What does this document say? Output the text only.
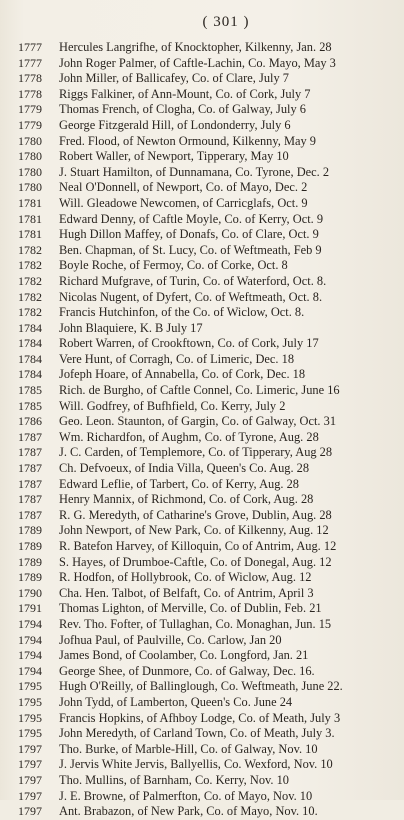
( 301 )
1777	Hercules Langrifhe, of Knocktopher, Kilkenny, Jan. 28
1777	John Roger Palmer, of Caftle-Lachin, Co. Mayo, May 3
1778	John Miller, of Ballicafey, Co. of Clare, July 7
1778	Riggs Falkiner, of Ann-Mount, Co. of Cork, July 7
1779	Thomas French, of Clogha, Co. of Galway, July 6
1779	George Fitzgerald Hill, of Londonderry, July 6
1780	Fred. Flood, of Newton Ormound, Kilkenny, May 9
1780	Robert Waller, of Newport, Tipperary, May 10
1780	J. Stuart Hamilton, of Dunnamana, Co. Tyrone, Dec. 2
1780	Neal O'Donnell, of Newport, Co. of Mayo, Dec. 2
1781	Will. Gleadowe Newcomen, of Carricglafs, Oct. 9
1781	Edward Denny, of Caftle Moyle, Co. of Kerry, Oct. 9
1781	Hugh Dillon Maffey, of Donafs, Co. of Clare, Oct. 9
1782	Ben. Chapman, of St. Lucy, Co. of Weftmeath, Feb 9
1782	Boyle Roche, of Fermoy, Co. of Corke, Oct. 8
1782	Richard Mufgrave, of Turin, Co. of Waterford, Oct. 8.
1782	Nicolas Nugent, of Dyfert, Co. of Weftmeath, Oct. 8.
1782	Francis Hutchinfon, of the Co. of Wiclow, Oct. 8.
1784	John Blaquiere, K. B July 17
1784	Robert Warren, of Crookftown, Co. of Cork, July 17
1784	Vere Hunt, of Corragh, Co. of Limeric, Dec. 18
1784	Jofeph Hoare, of Annabella, Co. of Cork, Dec. 18
1785	Rich. de Burgho, of Caftle Connel, Co. Limeric, June 16
1785	Will. Godfrey, of Bufhfield, Co. Kerry, July 2
1786	Geo. Leon. Staunton, of Gargin, Co. of Galway, Oct. 31
1787	Wm. Richardfon, of Aughm, Co. of Tyrone, Aug. 28
1787	J. C. Carden, of Templemore, Co. of Tipperary, Aug 28
1787	Ch. Defvoeux, of India Villa, Queen's Co. Aug. 28
1787	Edward Leflie, of Tarbert, Co. of Kerry, Aug. 28
1787	Henry Mannix, of Richmond, Co. of Cork, Aug. 28
1787	R. G. Meredyth, of Catharine's Grove, Dublin, Aug. 28
1789	John Newport, of New Park, Co. of Kilkenny, Aug. 12
1789	R. Batefon Harvey, of Killoquin, Co of Antrim, Aug. 12
1789	S. Hayes, of Drumboe-Caftle, Co. of Donegal, Aug. 12
1789	R. Hodfon, of Hollybrook, Co. of Wiclow, Aug. 12
1790	Cha. Hen. Talbot, of Belfaft, Co. of Antrim, April 3
1791	Thomas Lighton, of Merville, Co. of Dublin, Feb. 21
1794	Rev. Tho. Fofter, of Tullaghan, Co. Monaghan, Jun. 15
1794	Jofhua Paul, of Paulville, Co. Carlow, Jan 20
1794	James Bond, of Coolamber, Co. Longford, Jan. 21
1794	George Shee, of Dunmore, Co. of Galway, Dec. 16.
1795	Hugh O'Reilly, of Ballinglough, Co. Weftmeath, June 22.
1795	John Tydd, of Lamberton, Queen's Co. June 24
1795	Francis Hopkins, of Afhboy Lodge, Co. of Meath, July 3
1795	John Meredyth, of Carland Town, Co. of Meath, July 3.
1797	Tho. Burke, of Marble-Hill, Co. of Galway, Nov. 10
1797	J. Jervis White Jervis, Ballyellis, Co. Wexford, Nov. 10
1797	Tho. Mullins, of Barnham, Co. Kerry, Nov. 10
1797	J. E. Browne, of Palmerfton, Co. of Mayo, Nov. 10
1797	Ant. Brabazon, of New Park, Co. of Mayo, Nov. 10.
